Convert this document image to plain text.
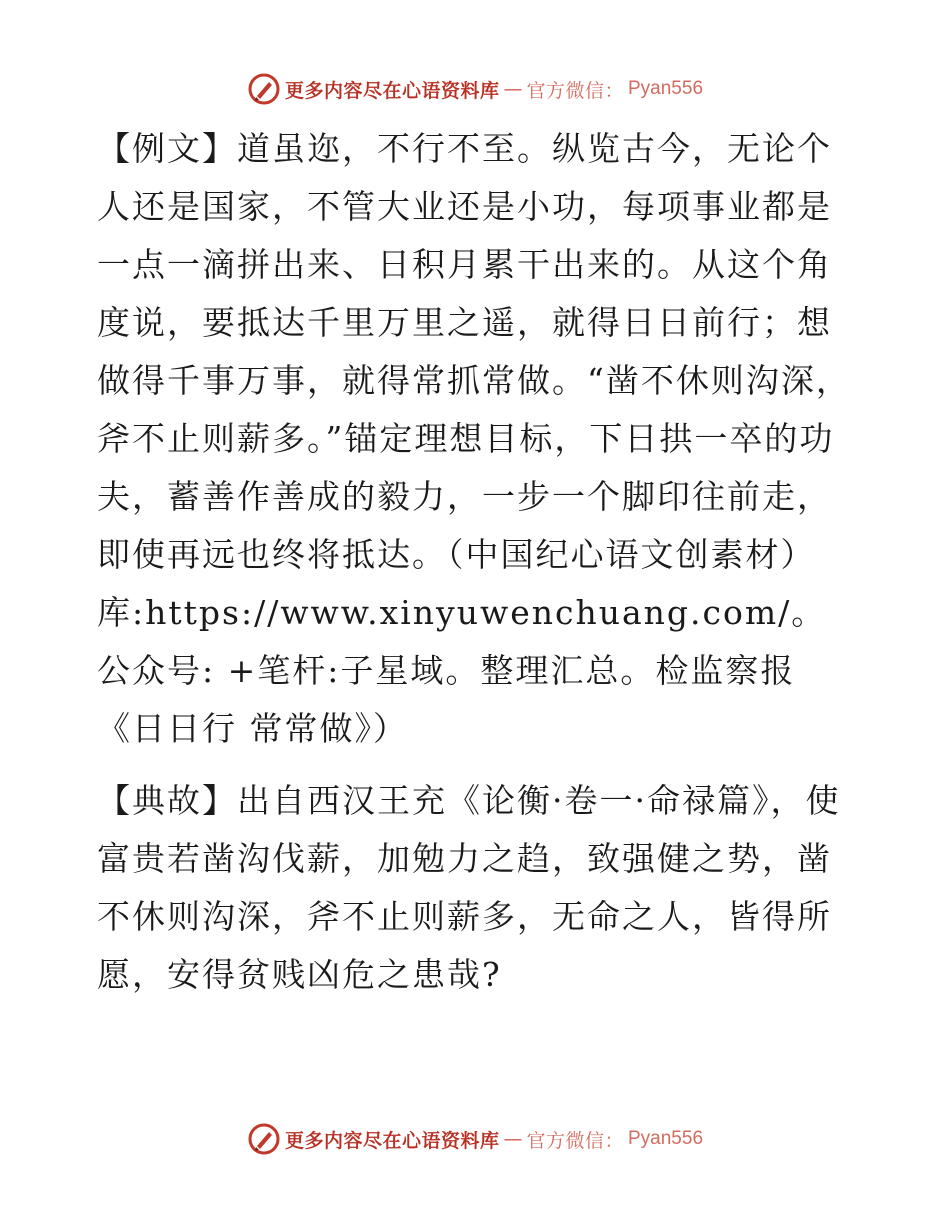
更多内容尽在心语资料库 — 官方微信： Pyan556

【例文】道虽迩，不行不至。纵览古今，无论个人还是国家，不管大业还是小功，每项事业都是一点一滴拼出来、日积月累干出来的。从这个角度说，要抵达千里万里之遥，就得日日前行；想做得千事万事，就得常抓常做。“凿不休则沟深，斧不止则薪多。”锚定理想目标，下日拱一卒的功夫，蓄善作善成的毅力，一步一个脚印往前走，即使再远也终将抵达。（中国纪心语文创素材）库:https://www.xinyuwenchuang.com/。公众号: +笔杆:子星域。整理汇总。检监察报《日日行 常常做》）

【典故】出自西汉王充《论衡·卷一·命禄篇》，使富贵若凿沟伐薪，加勉力之趋，致强健之势，凿不休则沟深，斧不止则薪多，无命之人，皆得所愿，安得贫贱凶危之患哉?

更多内容尽在心语资料库 — 官方微信： Pyan556
